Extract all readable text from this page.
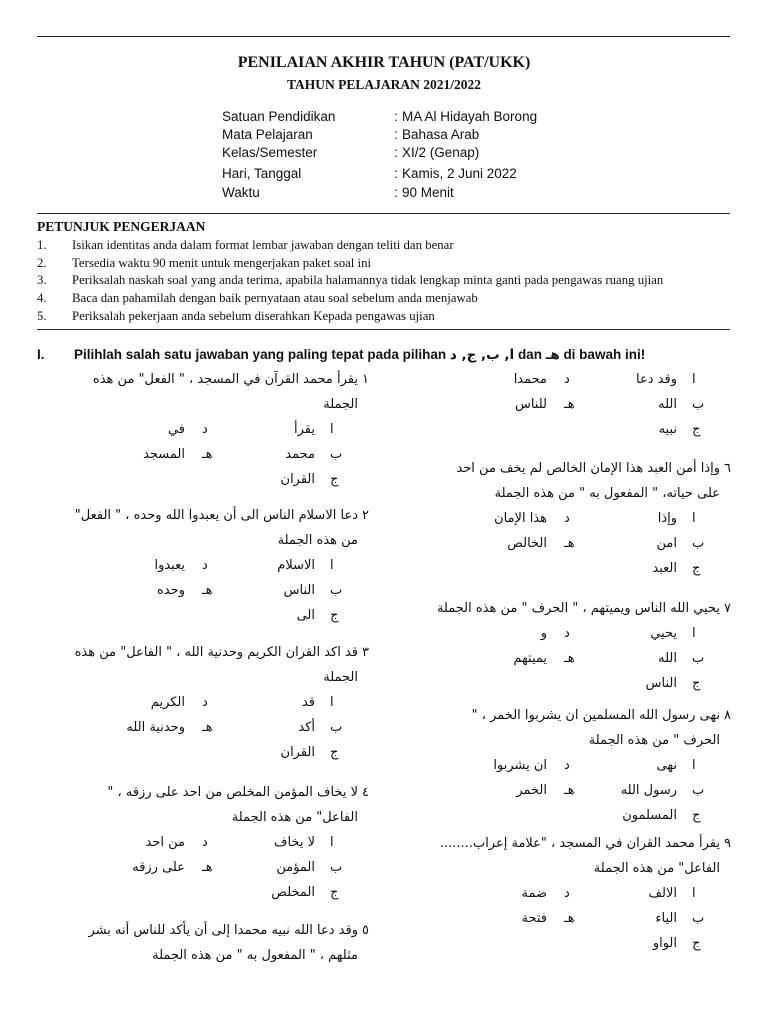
PENILAIAN AKHIR TAHUN (PAT/UKK)
TAHUN PELAJARAN 2021/2022
Satuan Pendidikan	: MA Al Hidayah Borong
Mata Pelajaran	: Bahasa Arab
Kelas/Semester	: XI/2 (Genap)
Hari, Tanggal	: Kamis, 2 Juni 2022
Waktu	: 90 Menit
PETUNJUK PENGERJAAN
1. Isikan identitas anda dalam format lembar jawaban dengan teliti dan benar
2. Tersedia waktu 90 menit untuk mengerjakan paket soal ini
3. Periksalah naskah soal yang anda terima, apabila halamannya tidak lengkap minta ganti pada pengawas ruang ujian
4. Baca dan pahamilah dengan baik pernyataan atau soal sebelum anda menjawab
5. Periksalah pekerjaan anda sebelum diserahkan Kepada pengawas ujian
I. Pilihlah salah satu jawaban yang paling tepat pada pilihan ا, ب, ج, د dan هـ di bawah ini!
١
يقرأ محمد القرآن في المسجد ، " الفعل" من هذه
الجملة
ا
يقرأ
ب
محمد
ج
القران
د
في
هـ
المسجد
٢
دعا الاسلام الناس الى أن يعبدوا الله وحده ، " الفعل"
من هذه الجملة
ا
الاسلام
ب
الناس
ج
الى
د
يعبدوا
هـ
وحده
٣
قد اكد القران الكريم وحدنية الله ، " الفاعل" من هذه
الجملة
ا
قد
ب
أكد
ج
القران
د
الكريم
هـ
وحدنية الله
٤
لا يخاف المؤمن المخلص من احد على رزقه ، "
الفاعل" من هذه الجملة
ا
لا يخاف
ب
المؤمن
ج
المخلص
د
من احد
هـ
على رزقه
٥
وقد دعا الله نبيه محمدا إلى أن يأكد للناس أنه بشر
مثلهم ، " المفعول به " من هذه الجملة
ا
وقد دعا
ب
الله
ج
نبيه
د
محمدا
هـ
للناس
٦
وإذا أمن العبد هذا الإمان الخالص لم يخف من احد
على حياته، " المفعول به " من هذه الجملة
ا
وإذا
ب
امن
ج
العبد
د
هذا الإمان
هـ
الخالص
٧
يحيي الله الناس ويميتهم ، " الحرف " من هذه الجملة
ا
يحيي
ب
الله
ج
الناس
د
و
هـ
يميتهم
٨
نهى رسول الله المسلمين ان يشربوا الخمر ، "
الحرف " من هذه الجملة
ا
نهى
ب
رسول الله
ج
المسلمون
د
ان يشربوا
هـ
الخمر
٩
يقرأ محمد القران في المسجد ، "علامة إعراب........
الفاعل" من هذه الجملة
ا
الالف
ب
الياء
ج
الواو
د
ضمة
هـ
فتحة
